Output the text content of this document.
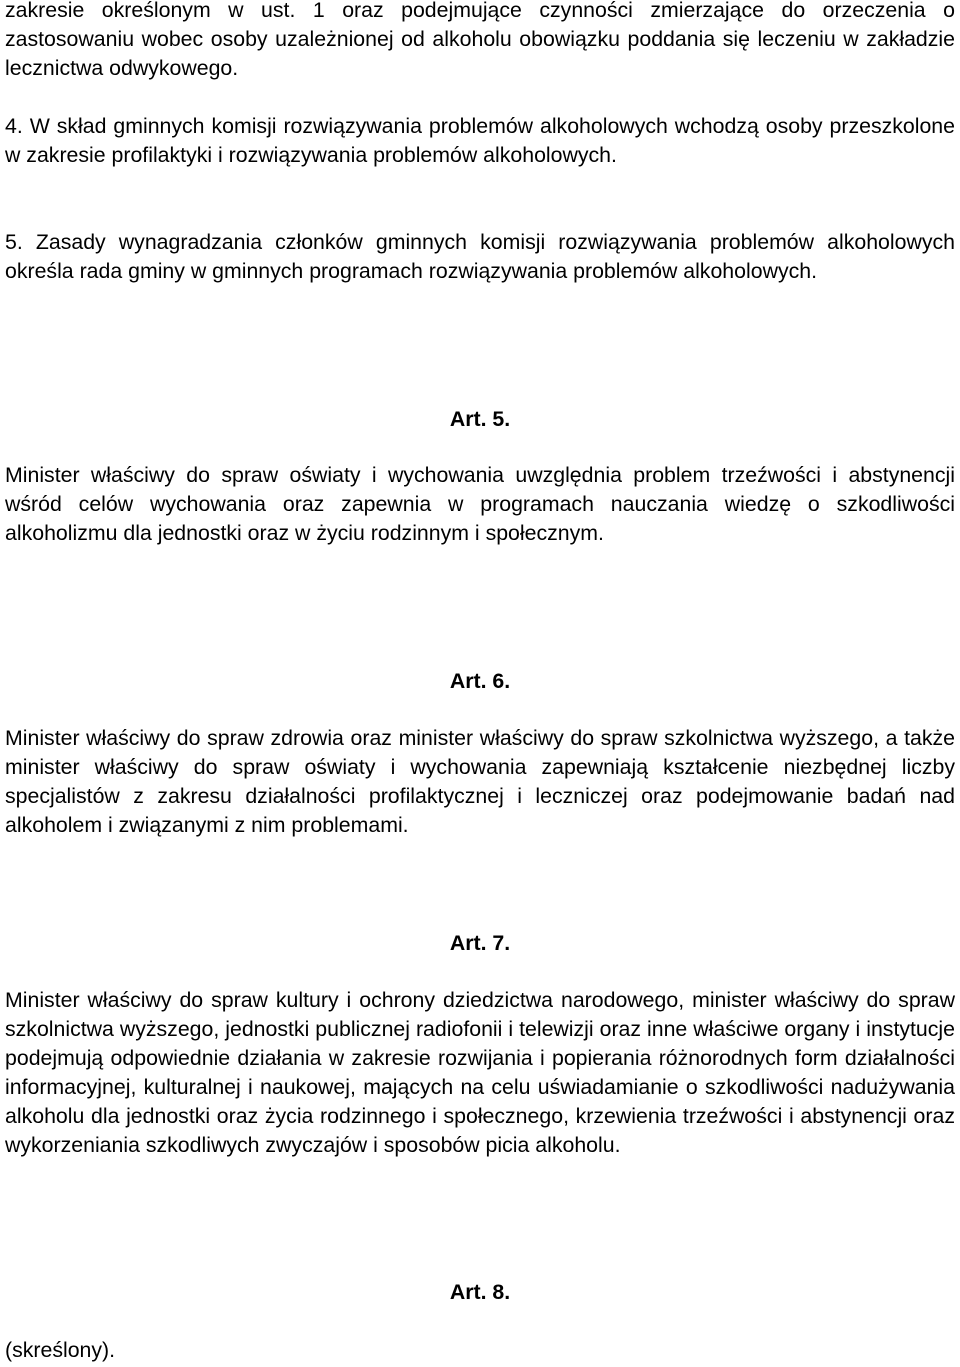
zakresie określonym w ust. 1 oraz podejmujące czynności zmierzające do orzeczenia o zastosowaniu wobec osoby uzależnionej od alkoholu obowiązku poddania się leczeniu w zakładzie lecznictwa odwykowego.

4. W skład gminnych komisji rozwiązywania problemów alkoholowych wchodzą osoby przeszkolone w zakresie profilaktyki i rozwiązywania problemów alkoholowych.

5. Zasady wynagradzania członków gminnych komisji rozwiązywania problemów alkoholowych określa rada gminy w gminnych programach rozwiązywania problemów alkoholowych.

Art. 5.

Minister właściwy do spraw oświaty i wychowania uwzględnia problem trzeźwości i abstynencji wśród celów wychowania oraz zapewnia w programach nauczania wiedzę o szkodliwości alkoholizmu dla jednostki oraz w życiu rodzinnym i społecznym.

Art. 6.

Minister właściwy do spraw zdrowia oraz minister właściwy do spraw szkolnictwa wyższego, a także minister właściwy do spraw oświaty i wychowania zapewniają kształcenie niezbędnej liczby specjalistów z zakresu działalności profilaktycznej i leczniczej oraz podejmowanie badań nad alkoholem i związanymi z nim problemami.

Art. 7.

Minister właściwy do spraw kultury i ochrony dziedzictwa narodowego, minister właściwy do spraw szkolnictwa wyższego, jednostki publicznej radiofonii i telewizji oraz inne właściwe organy i instytucje podejmują odpowiednie działania w zakresie rozwijania i popierania różnorodnych form działalności informacyjnej, kulturalnej i naukowej, mających na celu uświadamianie o szkodliwości nadużywania alkoholu dla jednostki oraz życia rodzinnego i społecznego, krzewienia trzeźwości i abstynencji oraz wykorzeniania szkodliwych zwyczajów i sposobów picia alkoholu.

Art. 8.

(skreślony).
